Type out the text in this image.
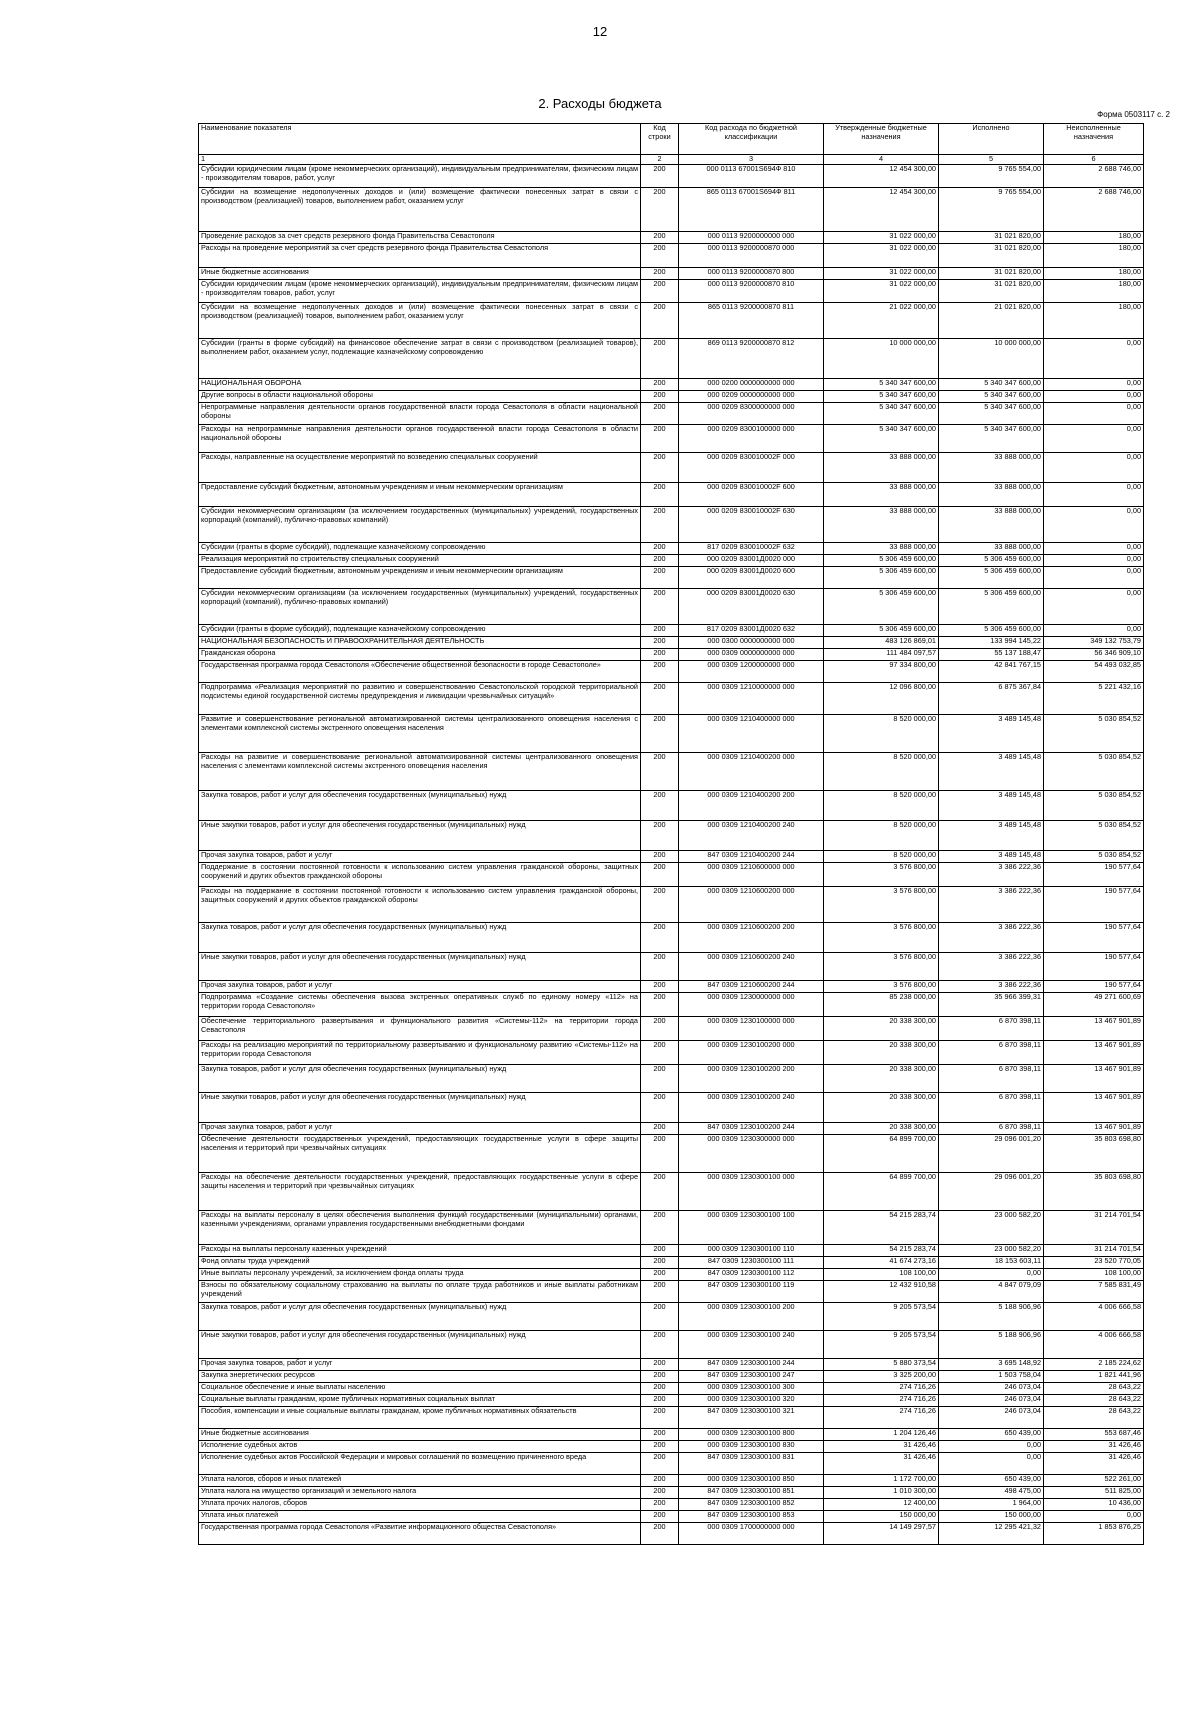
12
2. Расходы бюджета
Форма 0503117 с. 2
Наименование показателя	Код строки	Код расхода по бюджетной классификации	Утвержденные бюджетные назначения	Исполнено	Неисполненные назначения
1	2	3	4	5	6
Субсидии юридическим лицам (кроме некоммерческих организаций), индивидуальным предпринимателям, физическим лицам - производителям товаров, работ, услуг	200	000 0113 67001S694Ф 810	12 454 300,00	9 765 554,00	2 688 746,00
Субсидии на возмещение недополученных доходов и (или) возмещение фактически понесенных затрат в связи с производством (реализацией) товаров, выполнением работ, оказанием услуг	200	865 0113 67001S694Ф 811	12 454 300,00	9 765 554,00	2 688 746,00
Проведение расходов за счет средств резервного фонда Правительства Севастополя	200	000 0113 9200000000 000	31 022 000,00	31 021 820,00	180,00
Расходы на проведение мероприятий за счет средств резервного фонда Правительства Севастополя	200	000 0113 9200000870 000	31 022 000,00	31 021 820,00	180,00
Иные бюджетные ассигнования	200	000 0113 9200000870 800	31 022 000,00	31 021 820,00	180,00
Субсидии юридическим лицам (кроме некоммерческих организаций), индивидуальным предпринимателям, физическим лицам - производителям товаров, работ, услуг	200	000 0113 9200000870 810	31 022 000,00	31 021 820,00	180,00
Субсидии на возмещение недополученных доходов и (или) возмещение фактически понесенных затрат в связи с производством (реализацией) товаров, выполнением работ, оказанием услуг	200	865 0113 9200000870 811	21 022 000,00	21 021 820,00	180,00
Субсидии (гранты в форме субсидий) на финансовое обеспечение затрат в связи с производством (реализацией товаров), выполнением работ, оказанием услуг, подлежащие казначейскому сопровождению	200	869 0113 9200000870 812	10 000 000,00	10 000 000,00	0,00
НАЦИОНАЛЬНАЯ ОБОРОНА	200	000 0200 0000000000 000	5 340 347 600,00	5 340 347 600,00	0,00
Другие вопросы в области национальной обороны	200	000 0209 0000000000 000	5 340 347 600,00	5 340 347 600,00	0,00
Непрограммные направления деятельности органов государственной власти города Севастополя в области национальной обороны	200	000 0209 8300000000 000	5 340 347 600,00	5 340 347 600,00	0,00
Расходы на непрограммные направления деятельности органов государственной власти города Севастополя в области национальной обороны	200	000 0209 8300100000 000	5 340 347 600,00	5 340 347 600,00	0,00
Расходы, направленные на осуществление мероприятий по возведению специальных сооружений	200	000 0209 830010002F 000	33 888 000,00	33 888 000,00	0,00
Предоставление субсидий бюджетным, автономным учреждениям и иным некоммерческим организациям	200	000 0209 830010002F 600	33 888 000,00	33 888 000,00	0,00
Субсидии некоммерческим организациям (за исключением государственных (муниципальных) учреждений, государственных корпораций (компаний), публично-правовых компаний)	200	000 0209 830010002F 630	33 888 000,00	33 888 000,00	0,00
Субсидии (гранты в форме субсидий), подлежащие казначейскому сопровождению	200	817 0209 830010002F 632	33 888 000,00	33 888 000,00	0,00
Реализация мероприятий по строительству специальных сооружений	200	000 0209 83001Д0020 000	5 306 459 600,00	5 306 459 600,00	0,00
Предоставление субсидий бюджетным, автономным учреждениям и иным некоммерческим организациям	200	000 0209 83001Д0020 600	5 306 459 600,00	5 306 459 600,00	0,00
Субсидии некоммерческим организациям (за исключением государственных (муниципальных) учреждений, государственных корпораций (компаний), публично-правовых компаний)	200	000 0209 83001Д0020 630	5 306 459 600,00	5 306 459 600,00	0,00
Субсидии (гранты в форме субсидий), подлежащие казначейскому сопровождению	200	817 0209 83001Д0020 632	5 306 459 600,00	5 306 459 600,00	0,00
НАЦИОНАЛЬНАЯ БЕЗОПАСНОСТЬ И ПРАВООХРАНИТЕЛЬНАЯ ДЕЯТЕЛЬНОСТЬ	200	000 0300 0000000000 000	483 126 869,01	133 994 145,22	349 132 753,79
Гражданская оборона	200	000 0309 0000000000 000	111 484 097,57	55 137 188,47	56 346 909,10
Государственная программа города Севастополя «Обеспечение общественной безопасности в городе Севастополе»	200	000 0309 1200000000 000	97 334 800,00	42 841 767,15	54 493 032,85
Подпрограмма «Реализация мероприятий по развитию и совершенствованию Севастопольской городской территориальной подсистемы единой государственной системы предупреждения и ликвидации чрезвычайных ситуаций»	200	000 0309 1210000000 000	12 096 800,00	6 875 367,84	5 221 432,16
Развитие и совершенствование региональной автоматизированной системы централизованного оповещения населения с элементами комплексной системы экстренного оповещения населения	200	000 0309 1210400000 000	8 520 000,00	3 489 145,48	5 030 854,52
Расходы на развитие и совершенствование региональной автоматизированной системы централизованного оповещения населения с элементами комплексной системы экстренного оповещения населения	200	000 0309 1210400200 000	8 520 000,00	3 489 145,48	5 030 854,52
Закупка товаров, работ и услуг для обеспечения государственных (муниципальных) нужд	200	000 0309 1210400200 200	8 520 000,00	3 489 145,48	5 030 854,52
Иные закупки товаров, работ и услуг для обеспечения государственных (муниципальных) нужд	200	000 0309 1210400200 240	8 520 000,00	3 489 145,48	5 030 854,52
Прочая закупка товаров, работ и услуг	200	847 0309 1210400200 244	8 520 000,00	3 489 145,48	5 030 854,52
Поддержание в состоянии постоянной готовности к использованию систем управления гражданской обороны, защитных сооружений и других объектов гражданской обороны	200	000 0309 1210600000 000	3 576 800,00	3 386 222,36	190 577,64
Расходы на поддержание в состоянии постоянной готовности к использованию систем управления гражданской обороны, защитных сооружений и других объектов гражданской обороны	200	000 0309 1210600200 000	3 576 800,00	3 386 222,36	190 577,64
Закупка товаров, работ и услуг для обеспечения государственных (муниципальных) нужд	200	000 0309 1210600200 200	3 576 800,00	3 386 222,36	190 577,64
Иные закупки товаров, работ и услуг для обеспечения государственных (муниципальных) нужд	200	000 0309 1210600200 240	3 576 800,00	3 386 222,36	190 577,64
Прочая закупка товаров, работ и услуг	200	847 0309 1210600200 244	3 576 800,00	3 386 222,36	190 577,64
Подпрограмма «Создание системы обеспечения вызова экстренных оперативных служб по единому номеру «112» на территории города Севастополя»	200	000 0309 1230000000 000	85 238 000,00	35 966 399,31	49 271 600,69
Обеспечение территориального развертывания и функционального развития «Системы-112» на территории города Севастополя	200	000 0309 1230100000 000	20 338 300,00	6 870 398,11	13 467 901,89
Расходы на реализацию мероприятий по территориальному развертыванию и функциональному развитию «Системы-112» на территории города Севастополя	200	000 0309 1230100200 000	20 338 300,00	6 870 398,11	13 467 901,89
Закупка товаров, работ и услуг для обеспечения государственных (муниципальных) нужд	200	000 0309 1230100200 200	20 338 300,00	6 870 398,11	13 467 901,89
Иные закупки товаров, работ и услуг для обеспечения государственных (муниципальных) нужд	200	000 0309 1230100200 240	20 338 300,00	6 870 398,11	13 467 901,89
Прочая закупка товаров, работ и услуг	200	847 0309 1230100200 244	20 338 300,00	6 870 398,11	13 467 901,89
Обеспечение деятельности государственных учреждений, предоставляющих государственные услуги в сфере защиты населения и территорий при чрезвычайных ситуациях	200	000 0309 1230300000 000	64 899 700,00	29 096 001,20	35 803 698,80
Расходы на обеспечение деятельности государственных учреждений, предоставляющих государственные услуги в сфере защиты населения и территорий при чрезвычайных ситуациях	200	000 0309 1230300100 000	64 899 700,00	29 096 001,20	35 803 698,80
Расходы на выплаты персоналу в целях обеспечения выполнения функций государственными (муниципальными) органами, казенными учреждениями, органами управления государственными внебюджетными фондами	200	000 0309 1230300100 100	54 215 283,74	23 000 582,20	31 214 701,54
Расходы на выплаты персоналу казенных учреждений	200	000 0309 1230300100 110	54 215 283,74	23 000 582,20	31 214 701,54
Фонд оплаты труда учреждений	200	847 0309 1230300100 111	41 674 273,16	18 153 603,11	23 520 770,05
Иные выплаты персоналу учреждений, за исключением фонда оплаты труда	200	847 0309 1230300100 112	108 100,00	0,00	108 100,00
Взносы по обязательному социальному страхованию на выплаты по оплате труда работников и иные выплаты работникам учреждений	200	847 0309 1230300100 119	12 432 910,58	4 847 079,09	7 585 831,49
Закупка товаров, работ и услуг для обеспечения государственных (муниципальных) нужд	200	000 0309 1230300100 200	9 205 573,54	5 188 906,96	4 006 666,58
Иные закупки товаров, работ и услуг для обеспечения государственных (муниципальных) нужд	200	000 0309 1230300100 240	9 205 573,54	5 188 906,96	4 006 666,58
Прочая закупка товаров, работ и услуг	200	847 0309 1230300100 244	5 880 373,54	3 695 148,92	2 185 224,62
Закупка энергетических ресурсов	200	847 0309 1230300100 247	3 325 200,00	1 503 758,04	1 821 441,96
Социальное обеспечение и иные выплаты населению	200	000 0309 1230300100 300	274 716,26	246 073,04	28 643,22
Социальные выплаты гражданам, кроме публичных нормативных социальных выплат	200	000 0309 1230300100 320	274 716,26	246 073,04	28 643,22
Пособия, компенсации и иные социальные выплаты гражданам, кроме публичных нормативных обязательств	200	847 0309 1230300100 321	274 716,26	246 073,04	28 643,22
Иные бюджетные ассигнования	200	000 0309 1230300100 800	1 204 126,46	650 439,00	553 687,46
Исполнение судебных актов	200	000 0309 1230300100 830	31 426,46	0,00	31 426,46
Исполнение судебных актов Российской Федерации и мировых соглашений по возмещению причиненного вреда	200	847 0309 1230300100 831	31 426,46	0,00	31 426,46
Уплата налогов, сборов и иных платежей	200	000 0309 1230300100 850	1 172 700,00	650 439,00	522 261,00
Уплата налога на имущество организаций и земельного налога	200	847 0309 1230300100 851	1 010 300,00	498 475,00	511 825,00
Уплата прочих налогов, сборов	200	847 0309 1230300100 852	12 400,00	1 964,00	10 436,00
Уплата иных платежей	200	847 0309 1230300100 853	150 000,00	150 000,00	0,00
Государственная программа города Севастополя «Развитие информационного общества Севастополя»	200	000 0309 1700000000 000	14 149 297,57	12 295 421,32	1 853 876,25
